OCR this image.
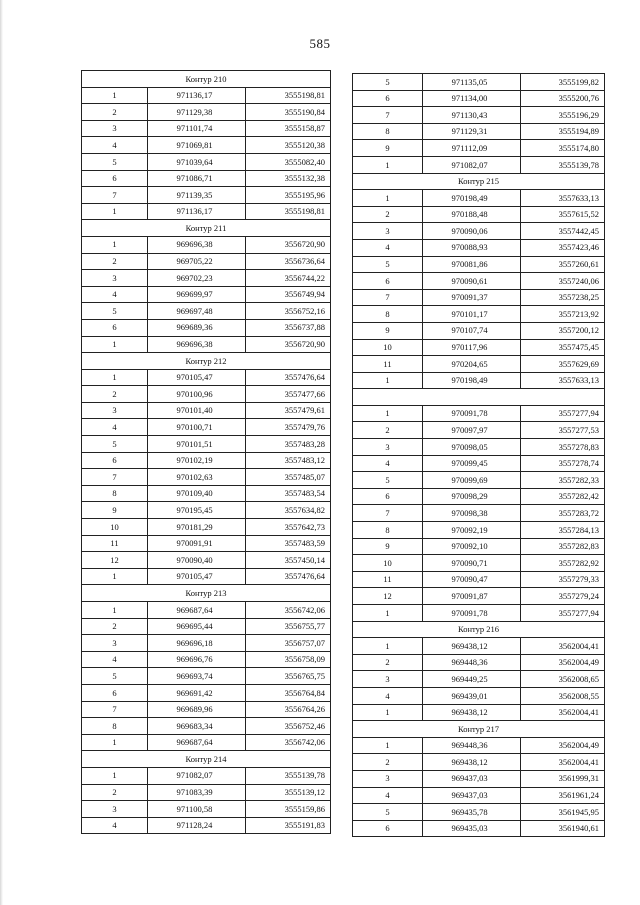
585
Контур 210		
1	971136,17	3555198,81
2	971129,38	3555190,84
3	971101,74	3555158,87
4	971069,81	3555120,38
5	971039,64	3555082,40
6	971086,71	3555132,38
7	971139,35	3555195,96
1	971136,17	3555198,81
Контур 211		
1	969696,38	3556720,90
2	969705,22	3556736,64
3	969702,23	3556744,22
4	969699,97	3556749,94
5	969697,48	3556752,16
6	969689,36	3556737,88
1	969696,38	3556720,90
Контур 212		
1	970105,47	3557476,64
2	970100,96	3557477,66
3	970101,40	3557479,61
4	970100,71	3557479,76
5	970101,51	3557483,28
6	970102,19	3557483,12
7	970102,63	3557485,07
8	970109,40	3557483,54
9	970195,45	3557634,82
10	970181,29	3557642,73
11	970091,91	3557483,59
12	970090,40	3557450,14
1	970105,47	3557476,64
Контур 213		
1	969687,64	3556742,06
2	969695,44	3556755,77
3	969696,18	3556757,07
4	969696,76	3556758,09
5	969693,74	3556765,75
6	969691,42	3556764,84
7	969689,96	3556764,26
8	969683,34	3556752,46
1	969687,64	3556742,06
Контур 214		
1	971082,07	3555139,78
2	971083,39	3555139,12
3	971100,58	3555159,86
4	971128,24	3555191,83
5	971135,05	3555199,82
6	971134,00	3555200,76
7	971130,43	3555196,29
8	971129,31	3555194,89
9	971112,09	3555174,80
1	971082,07	3555139,78
Контур 215		
1	970198,49	3557633,13
2	970188,48	3557615,52
3	970090,06	3557442,45
4	970088,93	3557423,46
5	970081,86	3557260,61
6	970090,61	3557240,06
7	970091,37	3557238,25
8	970101,17	3557213,92
9	970107,74	3557200,12
10	970117,96	3557475,45
11	970204,65	3557629,69
1	970198,49	3557633,13

1	970091,78	3557277,94
2	970097,97	3557277,53
3	970098,05	3557278,83
4	970099,45	3557278,74
5	970099,69	3557282,33
6	970098,29	3557282,42
7	970098,38	3557283,72
8	970092,19	3557284,13
9	970092,10	3557282,83
10	970090,71	3557282,92
11	970090,47	3557279,33
12	970091,87	3557279,24
1	970091,78	3557277,94
Контур 216		
1	969438,12	3562004,41
2	969448,36	3562004,49
3	969449,25	3562008,65
4	969439,01	3562008,55
1	969438,12	3562004,41
Контур 217		
1	969448,36	3562004,49
2	969438,12	3562004,41
3	969437,03	3561999,31
4	969437,03	3561961,24
5	969435,78	3561945,95
6	969435,03	3561940,61
